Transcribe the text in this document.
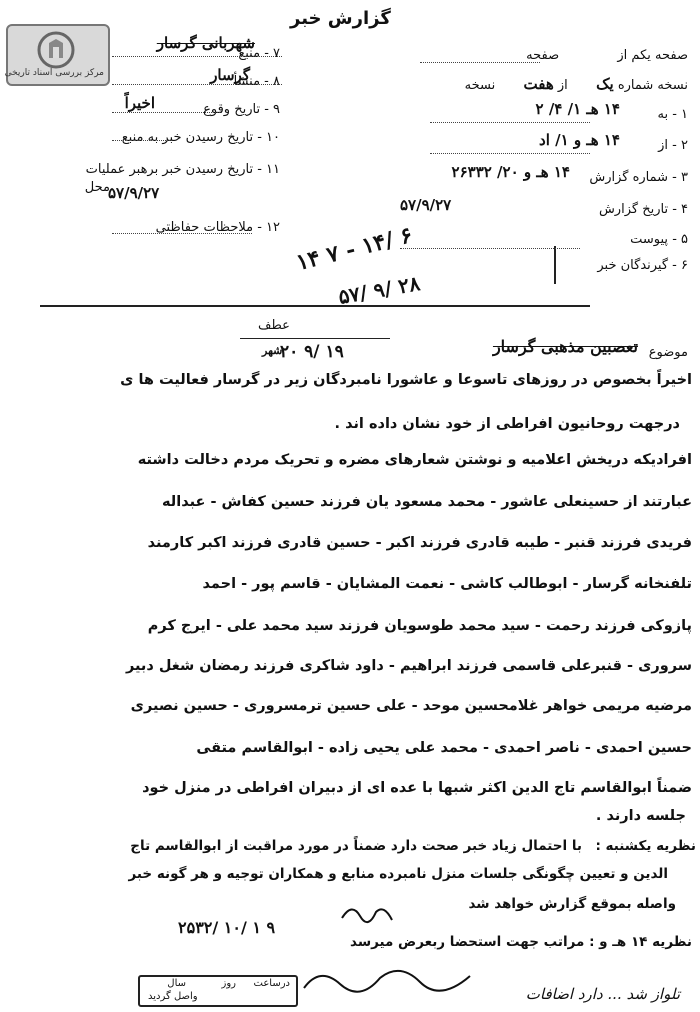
مرکز بررسی اسناد تاریخی
گزارش خبر
۷ - منبع
شهربانی گرسار
۸ - منشأ
گرسار
۹ - تاریخ وقوع
اخیراً
۱۰ - تاریخ رسیدن خبر به منبع
۱۱ - تاریخ رسیدن خبر برهبر عملیات
محل
۵۷/۹/۲۷
۱۲ - ملاحظات حفاظتی
صفحه یکم از  صفحه
نسخه شماره یک  از هفت  نسخه
۱ - به
۱۴ هـ ۱/ ۴/ ۲
۲ - از
۱۴ هـ و ۱/ اد
۳ - شماره گزارش
۱۴ هـ و ۲۰/ ۲۶۳۳۲
۴ - تاریخ گزارش
۵۷/۹/۲۷
۵ - پیوست
۶ - گیرندگان خبر
۱۴ ۷ - ۱۴/ ۶
۵۷/ ۹/ ۲۸
عطف
۲۰ ۹/ ۱۹
شهر	موضوع
تعصبین مذهبی گرسار
اخیراً بخصوص در روزهای تاسوعا و عاشورا نامبردگان زیر در گرسار فعالیت ها ی
درجهت روحانیون افراطی از خود نشان داده اند .
افرادیکه دریخش اعلامیه و نوشتن شعارهای مضره و تحریک مردم دخالت داشته
عبارتند از حسینعلی عاشور - محمد مسعود یان فرزند حسین کفاش - عبداله
فریدی فرزند قنبر - طیبه قادری فرزند اکبر - حسین قادری فرزند اکبر کارمند
تلفنخانه گرسار - ابوطالب کاشی - نعمت المشایان - قاسم پور - احمد
پازوکی فرزند رحمت - سید محمد طوسویان فرزند سید محمد علی - ایرج کرم
سروری - قنبرعلی قاسمی فرزند ابراهیم - داود شاکری فرزند رمضان شغل دبیر
مرضیه مریمی خواهر غلامحسین موحد - علی حسین ترمسروری - حسین نصیری
حسین احمدی - ناصر احمدی - محمد علی یحیی زاده - ابوالقاسم متقی
ضمناً ابوالقاسم تاج الدین اکثر شبها با عده ای از دبیران افراطی در منزل خود
جلسه دارند .
نظریه یکشنبه :
با احتمال زیاد خبر صحت دارد ضمناً در مورد مراقبت از ابوالقاسم تاج
الدین و تعیین چگونگی جلسات منزل نامبرده منابع و همکاران توجیه و هر گونه خبر
واصله بموقع گزارش خواهد شد
۲۵۳۲/ ۱۰/ ۱ ۹
نظریه ۱۴ هـ و : مراتب جهت استحضا ربعرض میرسد
درساعت
روز
سال
واصل گردید	تلواز شد ... دارد اضافات
